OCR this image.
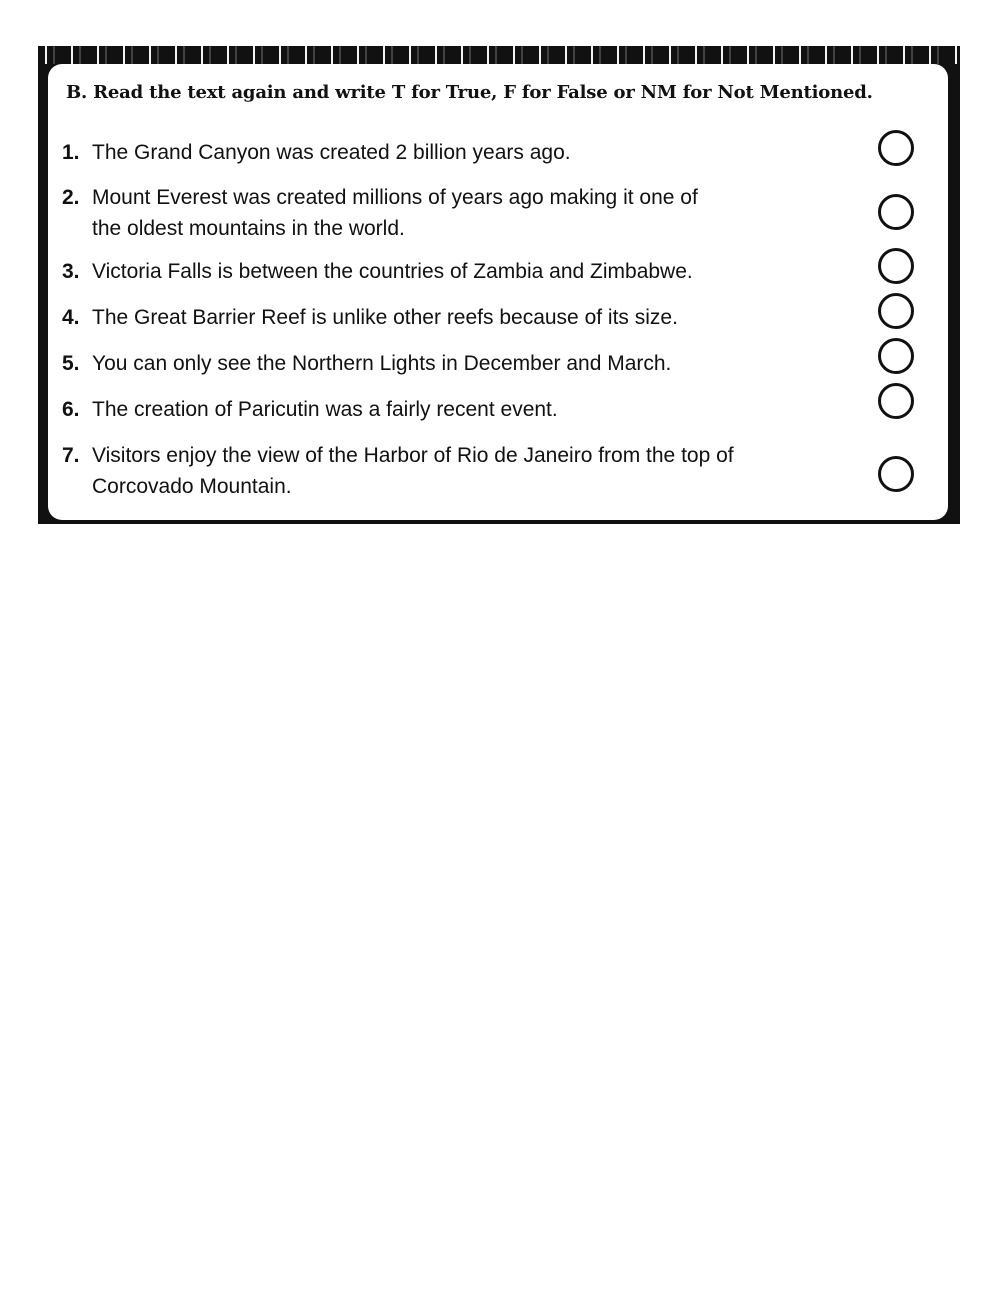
B. Read the text again and write T for True, F for False or NM for Not Mentioned.
1. The Grand Canyon was created 2 billion years ago.
2. Mount Everest was created millions of years ago making it one of
the oldest mountains in the world.
3. Victoria Falls is between the countries of Zambia and Zimbabwe.
4. The Great Barrier Reef is unlike other reefs because of its size.
5. You can only see the Northern Lights in December and March.
6. The creation of Paricutin was a fairly recent event.
7. Visitors enjoy the view of the Harbor of Rio de Janeiro from the top of
Corcovado Mountain.
